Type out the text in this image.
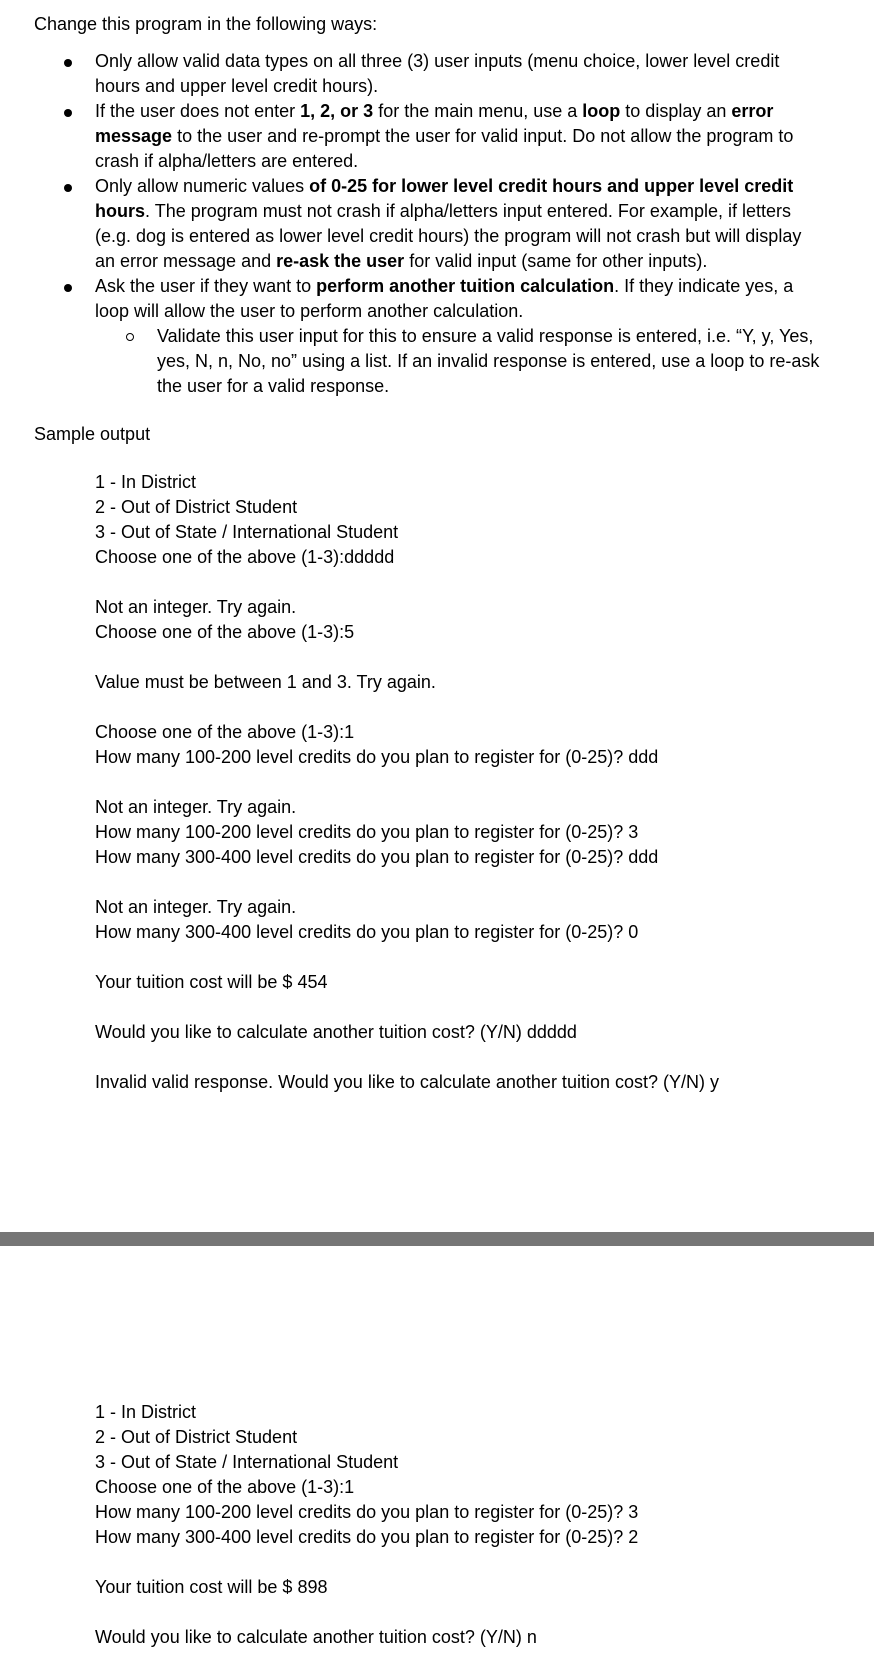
Change this program in the following ways:

Only allow valid data types on all three (3) user inputs (menu choice, lower level credit hours and upper level credit hours).
If the user does not enter 1, 2, or 3 for the main menu, use a loop to display an error message to the user and re-prompt the user for valid input. Do not allow the program to crash if alpha/letters are entered.
Only allow numeric values of 0-25 for lower level credit hours and upper level credit hours. The program must not crash if alpha/letters input entered. For example, if letters (e.g. dog is entered as lower level credit hours) the program will not crash but will display an error message and re-ask the user for valid input (same for other inputs).
Ask the user if they want to perform another tuition calculation. If they indicate yes, a loop will allow the user to perform another calculation.
Validate this user input for this to ensure a valid response is entered, i.e. “Y, y, Yes, yes, N, n, No, no” using a list. If an invalid response is entered, use a loop to re-ask the user for a valid response.

Sample output

1 - In District
2 - Out of District Student
3 - Out of State / International Student
Choose one of the above (1-3):ddddd
Not an integer. Try again.
Choose one of the above (1-3):5
Value must be between 1 and 3. Try again.
Choose one of the above (1-3):1
How many 100-200 level credits do you plan to register for (0-25)? ddd
Not an integer. Try again.
How many 100-200 level credits do you plan to register for (0-25)? 3
How many 300-400 level credits do you plan to register for (0-25)? ddd
Not an integer. Try again.
How many 300-400 level credits do you plan to register for (0-25)? 0
Your tuition cost will be $ 454
Would you like to calculate another tuition cost? (Y/N) ddddd
Invalid valid response. Would you like to calculate another tuition cost? (Y/N) y
1 - In District
2 - Out of District Student
3 - Out of State / International Student
Choose one of the above (1-3):1
How many 100-200 level credits do you plan to register for (0-25)? 3
How many 300-400 level credits do you plan to register for (0-25)? 2
Your tuition cost will be $ 898
Would you like to calculate another tuition cost? (Y/N) n
